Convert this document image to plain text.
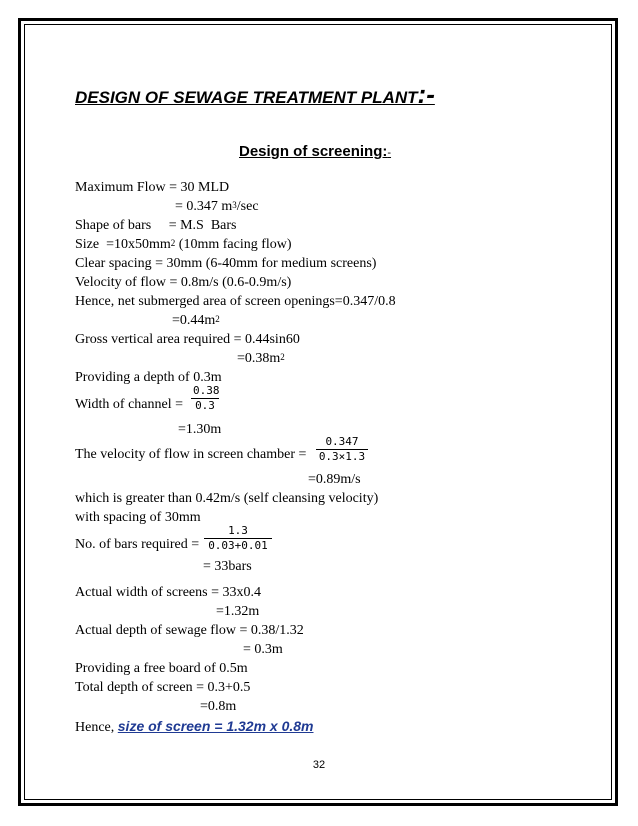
DESIGN OF SEWAGE TREATMENT PLANT:-
Design of screening:-
Maximum Flow = 30 MLD
= 0.347 $m^3/\sec$
Shape of bars     = M.S  Bars
Size  $=10x50mm^2$ (10mm facing flow)
Clear spacing = 30mm (6-40mm for medium screens)
Velocity of flow = 0.8m/s (0.6-0.9m/s)
Hence, net submerged area of screen openings=0.347/0.8
$=0.44m^2$
Gross vertical area required = 0.44sin60
$=0.38m^2$
Providing a depth of 0.3m
Width of channel =
0.38
0.3
=1.30m
The velocity of flow in screen chamber =
0.347
0.3×1.3
=0.89m/s
which is greater than 0.42m/s (self cleansing velocity)
with spacing of 30mm
No. of bars required =
1.3
0.03+0.01
= 33bars
Actual width of screens = 33x0.4
=1.32m
Actual depth of sewage flow = 0.38/1.32
= 0.3m
Providing a free board of 0.5m
Total depth of screen = 0.3+0.5
=0.8m
Hence, size of screen = 1.32m x 0.8m
32
